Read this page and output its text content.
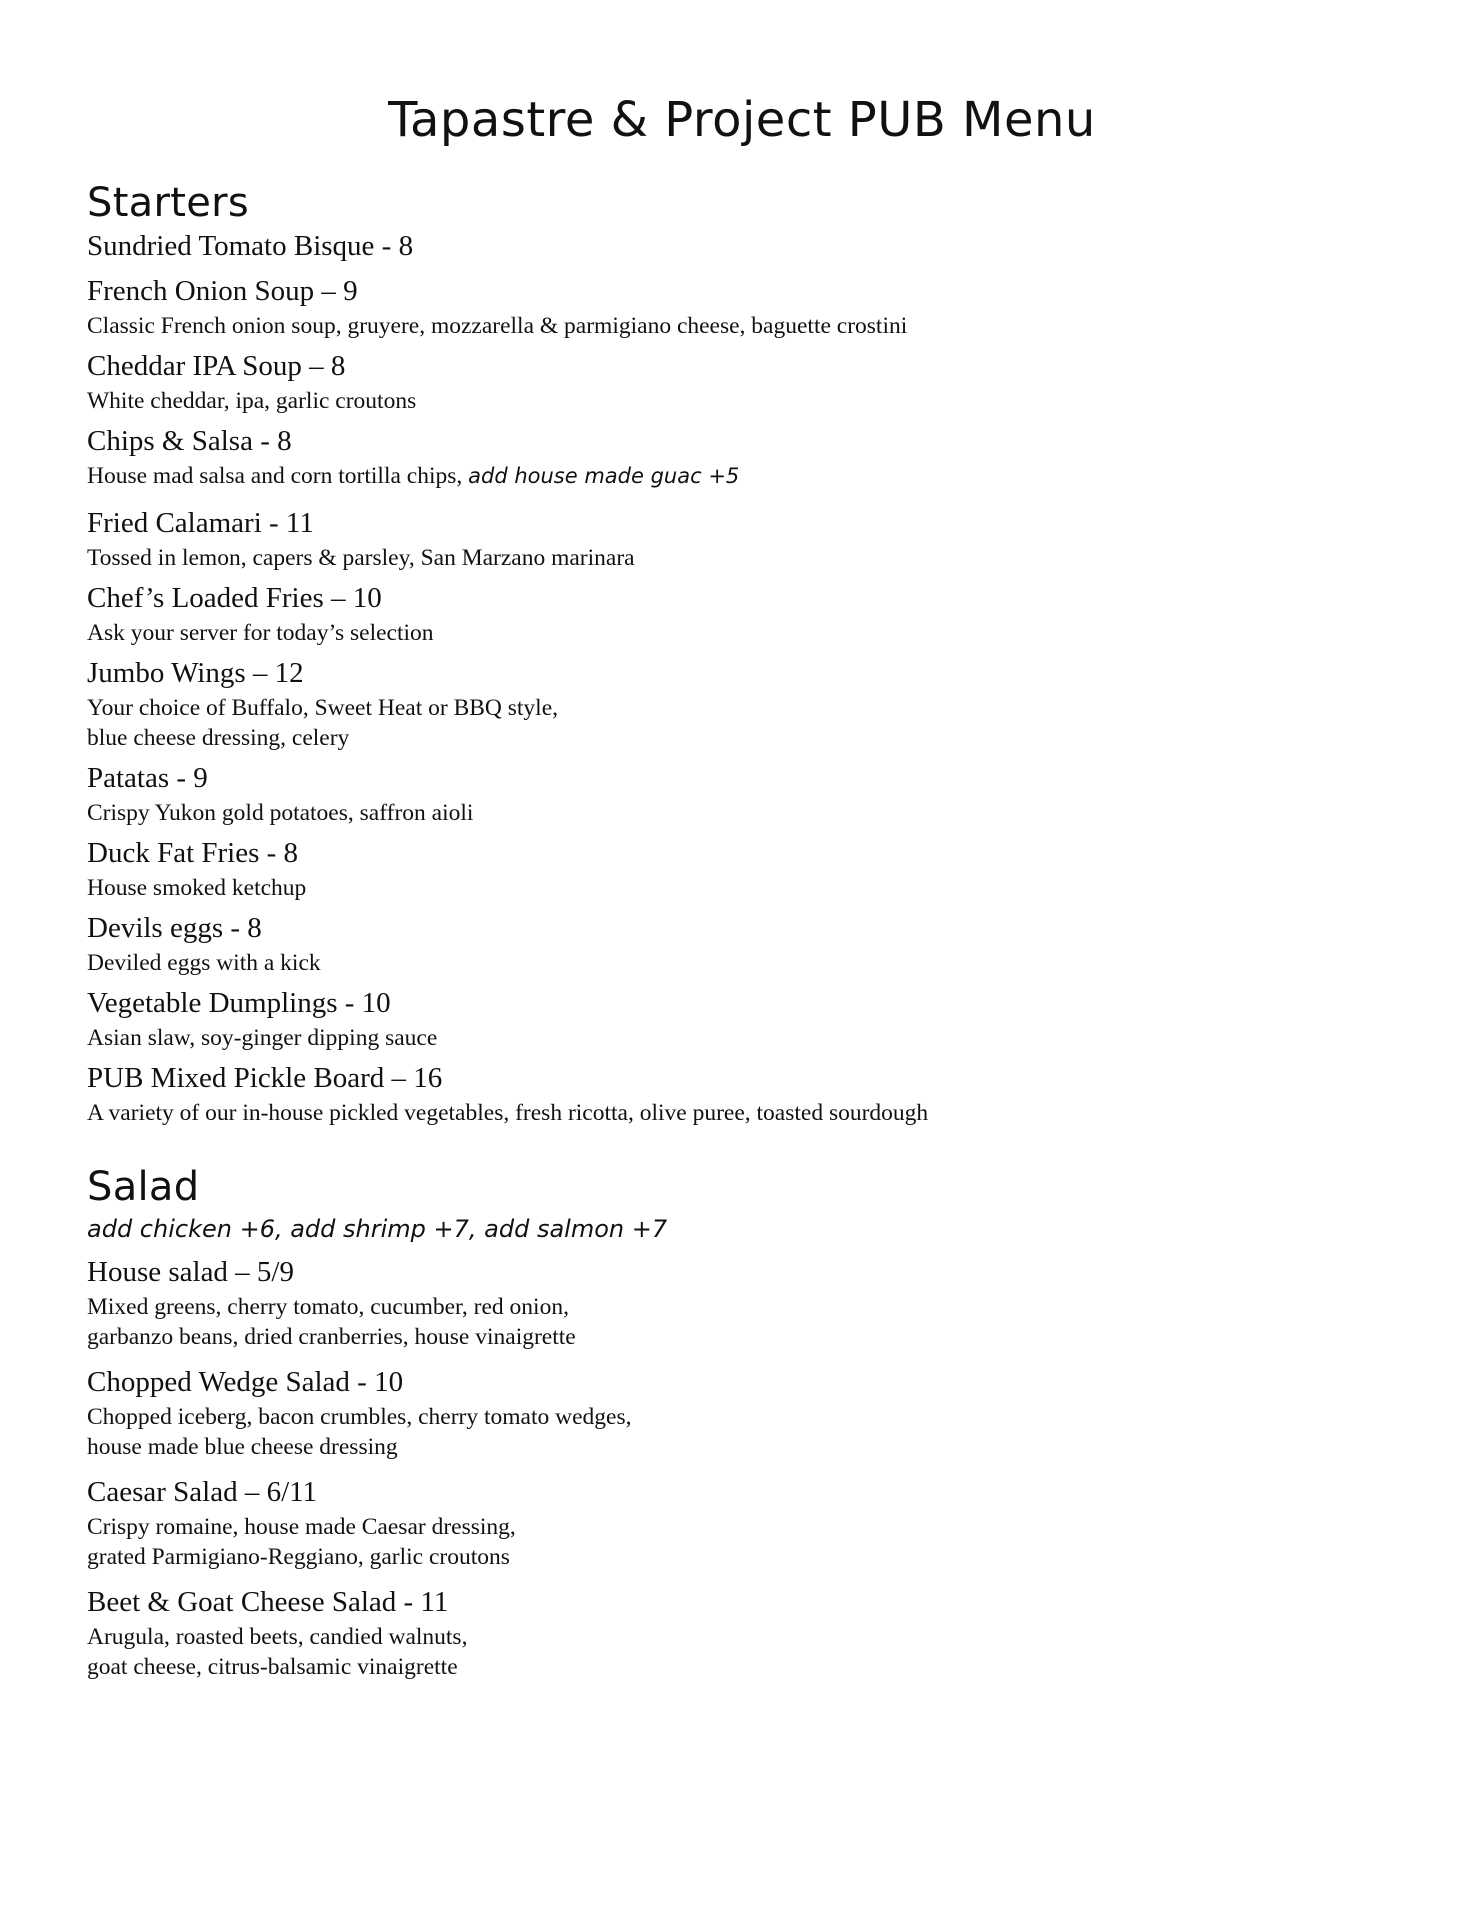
Tapastre & Project PUB Menu
Starters
Sundried Tomato Bisque - 8
French Onion Soup – 9
Classic French onion soup, gruyere, mozzarella & parmigiano cheese, baguette crostini
Cheddar IPA Soup – 8
White cheddar, ipa, garlic croutons
Chips & Salsa - 8
House mad salsa and corn tortilla chips, add house made guac +5
Fried Calamari - 11
Tossed in lemon, capers & parsley, San Marzano marinara
Chef’s Loaded Fries – 10
Ask your server for today’s selection
Jumbo Wings – 12
Your choice of Buffalo, Sweet Heat or BBQ style,
blue cheese dressing, celery
Patatas - 9
Crispy Yukon gold potatoes, saffron aioli
Duck Fat Fries - 8
House smoked ketchup
Devils eggs - 8
Deviled eggs with a kick
Vegetable Dumplings - 10
Asian slaw, soy-ginger dipping sauce
PUB Mixed Pickle Board – 16
A variety of our in-house pickled vegetables, fresh ricotta, olive puree, toasted sourdough
Salad

add chicken +6, add shrimp +7, add salmon +7

House salad – 5/9
Mixed greens, cherry tomato, cucumber, red onion,
garbanzo beans, dried cranberries, house vinaigrette
Chopped Wedge Salad - 10
Chopped iceberg, bacon crumbles, cherry tomato wedges,
house made blue cheese dressing
Caesar Salad – 6/11
Crispy romaine, house made Caesar dressing,
grated Parmigiano-Reggiano, garlic croutons
Beet & Goat Cheese Salad - 11
Arugula, roasted beets, candied walnuts,
goat cheese, citrus-balsamic vinaigrette
